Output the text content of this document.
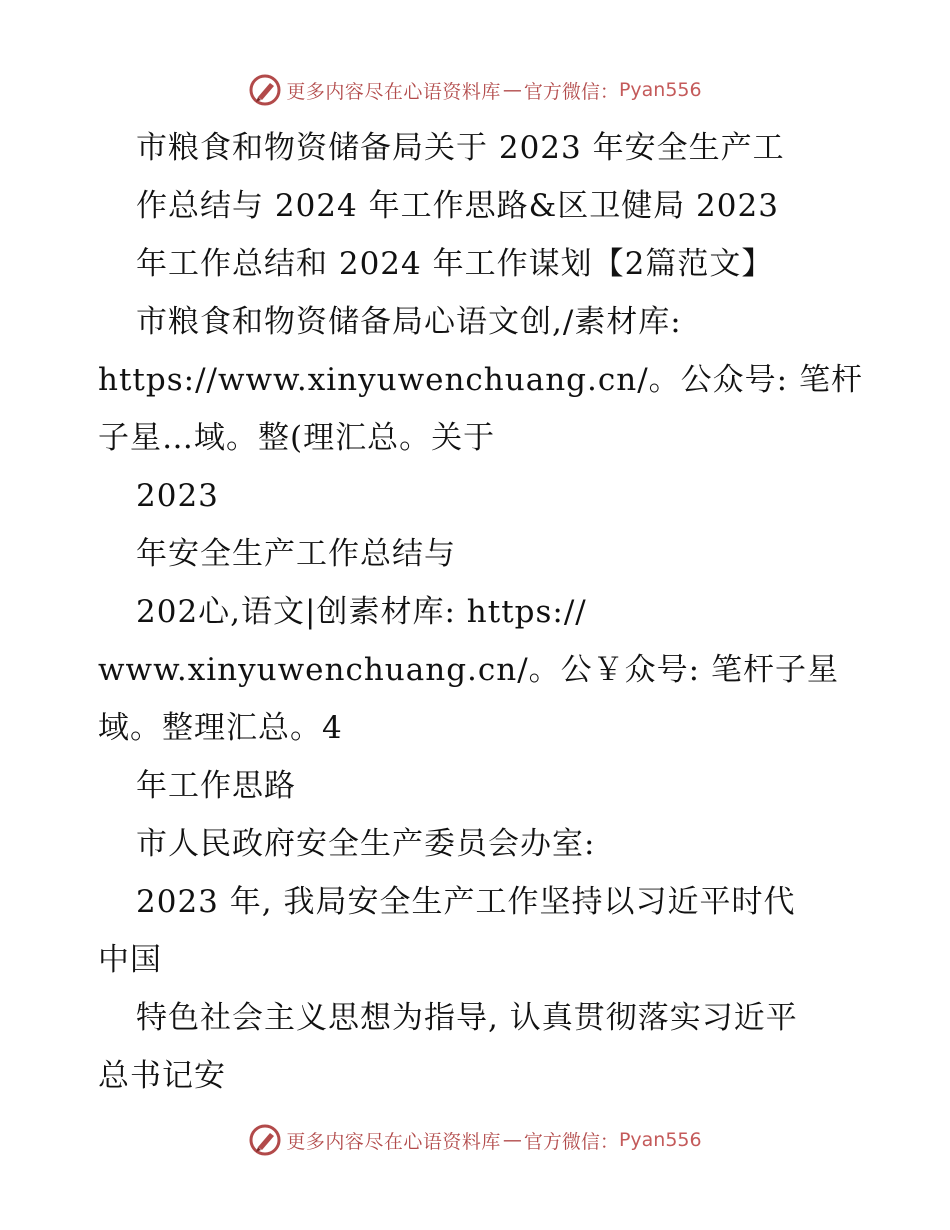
更多内容尽在心语资料库 — 官方微信： Pyan556
市粮食和物资储备局关于 2023 年安全生产工
作总结与 2024 年工作思路&区卫健局 2023
年工作总结和 2024 年工作谋划【2篇范文】
市粮食和物资储备局心语文创,/素材库:
https://www.xinyuwenchuang.cn/。公众号: 笔杆
子星…域。整(理汇总。关于
2023
年安全生产工作总结与
202心,语文|创素材库: https://
www.xinyuwenchuang.cn/。公￥众号: 笔杆子星
域。整理汇总。4
年工作思路
市人民政府安全生产委员会办室:
2023 年, 我局安全生产工作坚持以习近平时代
中国
特色社会主义思想为指导, 认真贯彻落实习近平
总书记安
更多内容尽在心语资料库 — 官方微信： Pyan556
